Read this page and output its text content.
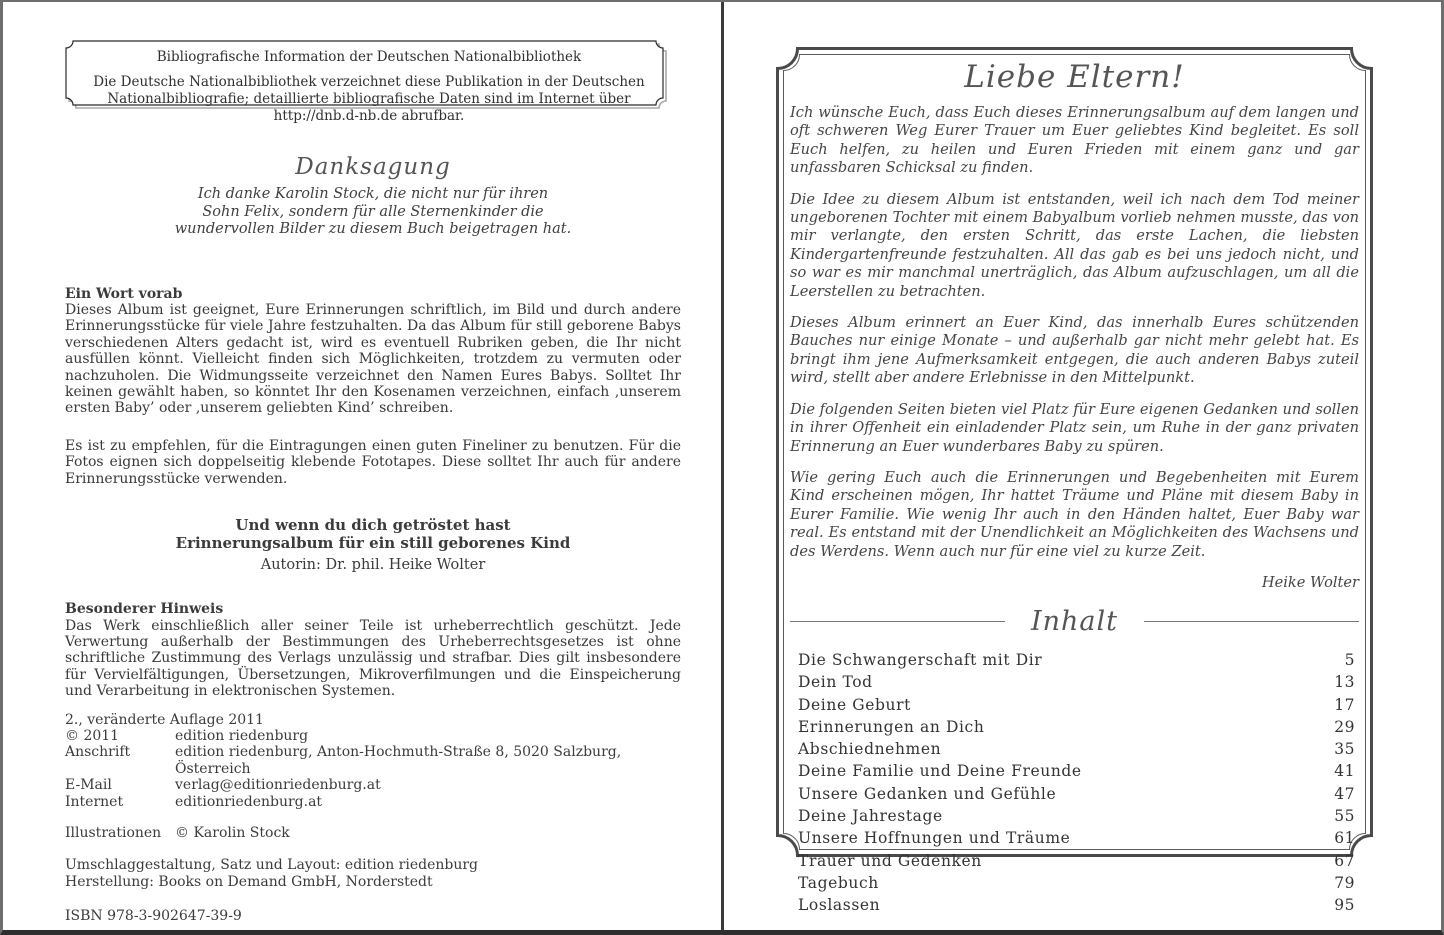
Bibliografische Information der Deutschen Nationalbibliothek
Die Deutsche Nationalbibliothek verzeichnet diese Publikation in der Deutschen Nationalbibliografie; detaillierte bibliografische Daten sind im Internet über http://dnb.d-nb.de abrufbar.
Danksagung
Ich danke Karolin Stock, die nicht nur für ihren
Sohn Felix, sondern für alle Sternenkinder die
wundervollen Bilder zu diesem Buch beigetragen hat.
Ein Wort vorab
Dieses Album ist geeignet, Eure Erinnerungen schriftlich, im Bild und durch andere Erinnerungsstücke für viele Jahre festzuhalten. Da das Album für still geborene Babys verschiedenen Alters gedacht ist, wird es eventuell Rubriken geben, die Ihr nicht ausfüllen könnt. Vielleicht finden sich Möglichkeiten, trotzdem zu vermuten oder nachzuholen. Die Widmungsseite verzeichnet den Namen Eures Babys. Solltet Ihr keinen gewählt haben, so könntet Ihr den Kosenamen verzeichnen, einfach ‚unserem ersten Baby’ oder ‚unserem geliebten Kind’ schreiben.
Es ist zu empfehlen, für die Eintragungen einen guten Fineliner zu benutzen. Für die Fotos eignen sich doppelseitig klebende Fototapes. Diese solltet Ihr auch für andere Erinnerungsstücke verwenden.
Und wenn du dich getröstet hast
Erinnerungsalbum für ein still geborenes Kind
Autorin: Dr. phil. Heike Wolter
Besonderer Hinweis
Das Werk einschließlich aller seiner Teile ist urheberrechtlich geschützt. Jede Verwertung außerhalb der Bestimmungen des Urheberrechtsgesetzes ist ohne schriftliche Zustimmung des Verlags unzulässig und strafbar. Dies gilt insbesondere für Vervielfältigungen, Übersetzungen, Mikroverfilmungen und die Einspeicherung und Verarbeitung in elektronischen Systemen.
2., veränderte Auflage 2011
© 2011	edition riedenburg
Anschrift	edition riedenburg, Anton-Hochmuth-Straße 8, 5020 Salzburg, Österreich
E-Mail	verlag@editionriedenburg.at
Internet	editionriedenburg.at
Illustrationen © Karolin Stock
Umschlaggestaltung, Satz und Layout: edition riedenburg
Herstellung: Books on Demand GmbH, Norderstedt
ISBN 978-3-902647-39-9
Liebe Eltern!
Ich wünsche Euch, dass Euch dieses Erinnerungsalbum auf dem langen und oft schweren Weg Eurer Trauer um Euer geliebtes Kind begleitet. Es soll Euch helfen, zu heilen und Euren Frieden mit einem ganz und gar unfassbaren Schicksal zu finden.
Die Idee zu diesem Album ist entstanden, weil ich nach dem Tod meiner ungeborenen Tochter mit einem Babyalbum vorlieb nehmen musste, das von mir verlangte, den ersten Schritt, das erste Lachen, die liebsten Kindergartenfreunde festzuhalten. All das gab es bei uns jedoch nicht, und so war es mir manchmal unerträglich, das Album aufzuschlagen, um all die Leerstellen zu betrachten.
Dieses Album erinnert an Euer Kind, das innerhalb Eures schützenden Bauches nur einige Monate – und außerhalb gar nicht mehr gelebt hat. Es bringt ihm jene Aufmerksamkeit entgegen, die auch anderen Babys zuteil wird, stellt aber andere Erlebnisse in den Mittelpunkt.
Die folgenden Seiten bieten viel Platz für Eure eigenen Gedanken und sollen in ihrer Offenheit ein einladender Platz sein, um Ruhe in der ganz privaten Erinnerung an Euer wunderbares Baby zu spüren.
Wie gering Euch auch die Erinnerungen und Begebenheiten mit Eurem Kind erscheinen mögen, Ihr hattet Träume und Pläne mit diesem Baby in Eurer Familie. Wie wenig Ihr auch in den Händen haltet, Euer Baby war real. Es entstand mit der Unendlichkeit an Möglichkeiten des Wachsens und des Werdens. Wenn auch nur für eine viel zu kurze Zeit.
Heike Wolter
Inhalt
Die Schwangerschaft mit Dir	5
Dein Tod	13
Deine Geburt	17
Erinnerungen an Dich	29
Abschiednehmen	35
Deine Familie und Deine Freunde	41
Unsere Gedanken und Gefühle	47
Deine Jahrestage	55
Unsere Hoffnungen und Träume	61
Trauer und Gedenken	67
Tagebuch	79
Loslassen	95
